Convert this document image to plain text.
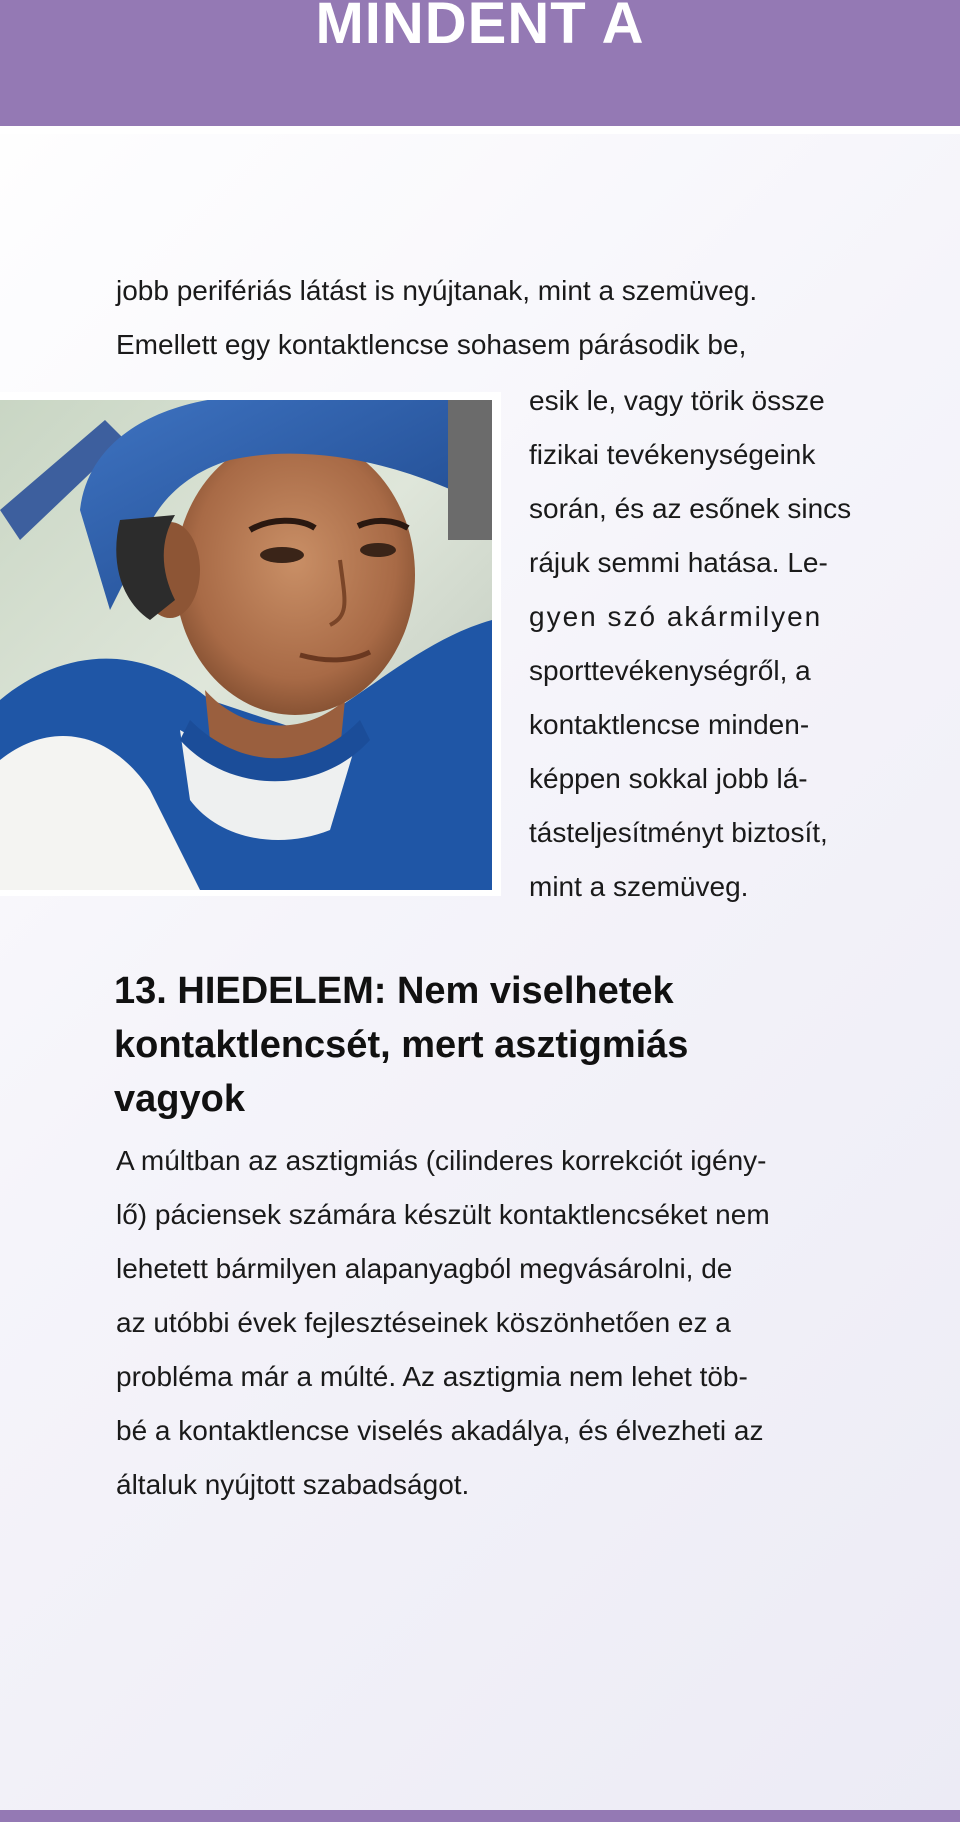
MINDENT A

jobb perifériás látást is nyújtanak, mint a szemüveg.

Emellett egy kontaktlencse sohasem párásodik be,

esik le, vagy törik össze
fizikai tevékenységeink
során, és az esőnek sincs
rájuk semmi hatása. Le-
gyen szó akármilyen
sporttevékenységről, a
kontaktlencse minden-
képpen sokkal jobb lá-
tásteljesítményt biztosít,
mint a szemüveg.
13. HIEDELEM: Nem viselhetek
kontaktlencsét, mert asztigmiás
vagyok
A múltban az asztigmiás (cilinderes korrekciót igény-
lő) páciensek számára készült kontaktlencséket nem
lehetett bármilyen alapanyagból megvásárolni, de
az utóbbi évek fejlesztéseinek köszönhetően ez a
probléma már a múlté. Az asztigmia nem lehet töb-
bé a kontaktlencse viselés akadálya, és élvezheti az
általuk nyújtott szabadságot.
